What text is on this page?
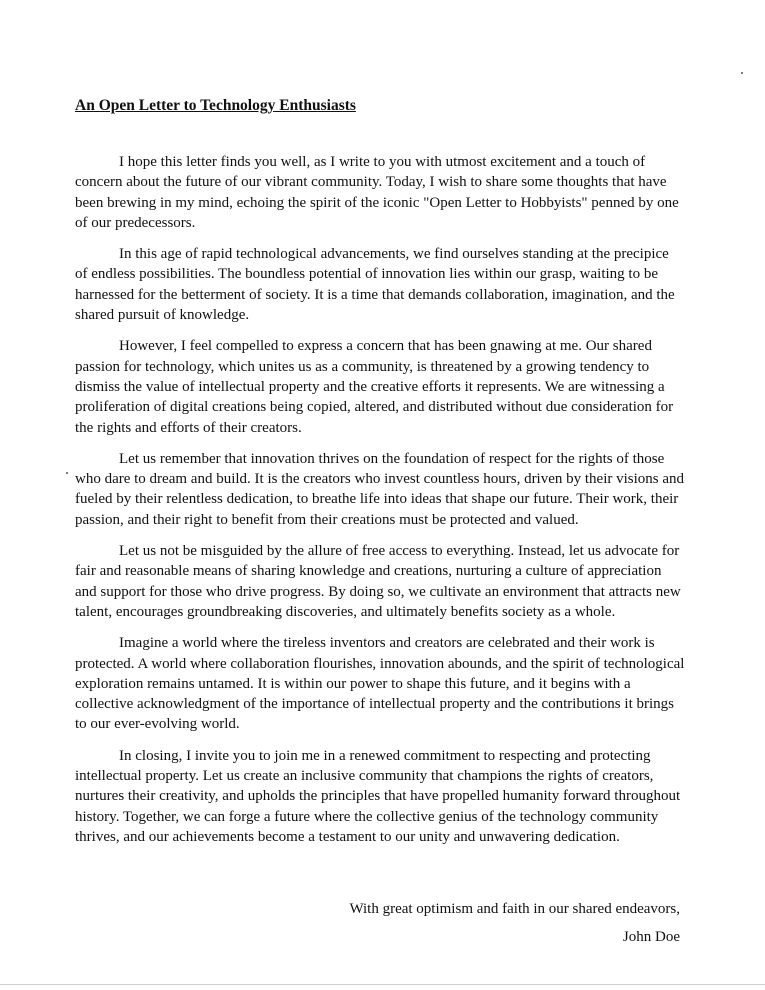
An Open Letter to Technology Enthusiasts

I hope this letter finds you well, as I write to you with utmost excitement and a touch of concern about the future of our vibrant community. Today, I wish to share some thoughts that have been brewing in my mind, echoing the spirit of the iconic "Open Letter to Hobbyists" penned by one of our predecessors.

In this age of rapid technological advancements, we find ourselves standing at the precipice of endless possibilities. The boundless potential of innovation lies within our grasp, waiting to be harnessed for the betterment of society. It is a time that demands collaboration, imagination, and the shared pursuit of knowledge.

However, I feel compelled to express a concern that has been gnawing at me. Our shared passion for technology, which unites us as a community, is threatened by a growing tendency to dismiss the value of intellectual property and the creative efforts it represents. We are witnessing a proliferation of digital creations being copied, altered, and distributed without due consideration for the rights and efforts of their creators.

Let us remember that innovation thrives on the foundation of respect for the rights of those who dare to dream and build. It is the creators who invest countless hours, driven by their visions and fueled by their relentless dedication, to breathe life into ideas that shape our future. Their work, their passion, and their right to benefit from their creations must be protected and valued.

Let us not be misguided by the allure of free access to everything. Instead, let us advocate for fair and reasonable means of sharing knowledge and creations, nurturing a culture of appreciation and support for those who drive progress. By doing so, we cultivate an environment that attracts new talent, encourages groundbreaking discoveries, and ultimately benefits society as a whole.

Imagine a world where the tireless inventors and creators are celebrated and their work is protected. A world where collaboration flourishes, innovation abounds, and the spirit of technological exploration remains untamed. It is within our power to shape this future, and it begins with a collective acknowledgment of the importance of intellectual property and the contributions it brings to our ever-evolving world.

In closing, I invite you to join me in a renewed commitment to respecting and protecting intellectual property. Let us create an inclusive community that champions the rights of creators, nurtures their creativity, and upholds the principles that have propelled humanity forward throughout history. Together, we can forge a future where the collective genius of the technology community thrives, and our achievements become a testament to our unity and unwavering dedication.

With great optimism and faith in our shared endeavors,
John Doe
